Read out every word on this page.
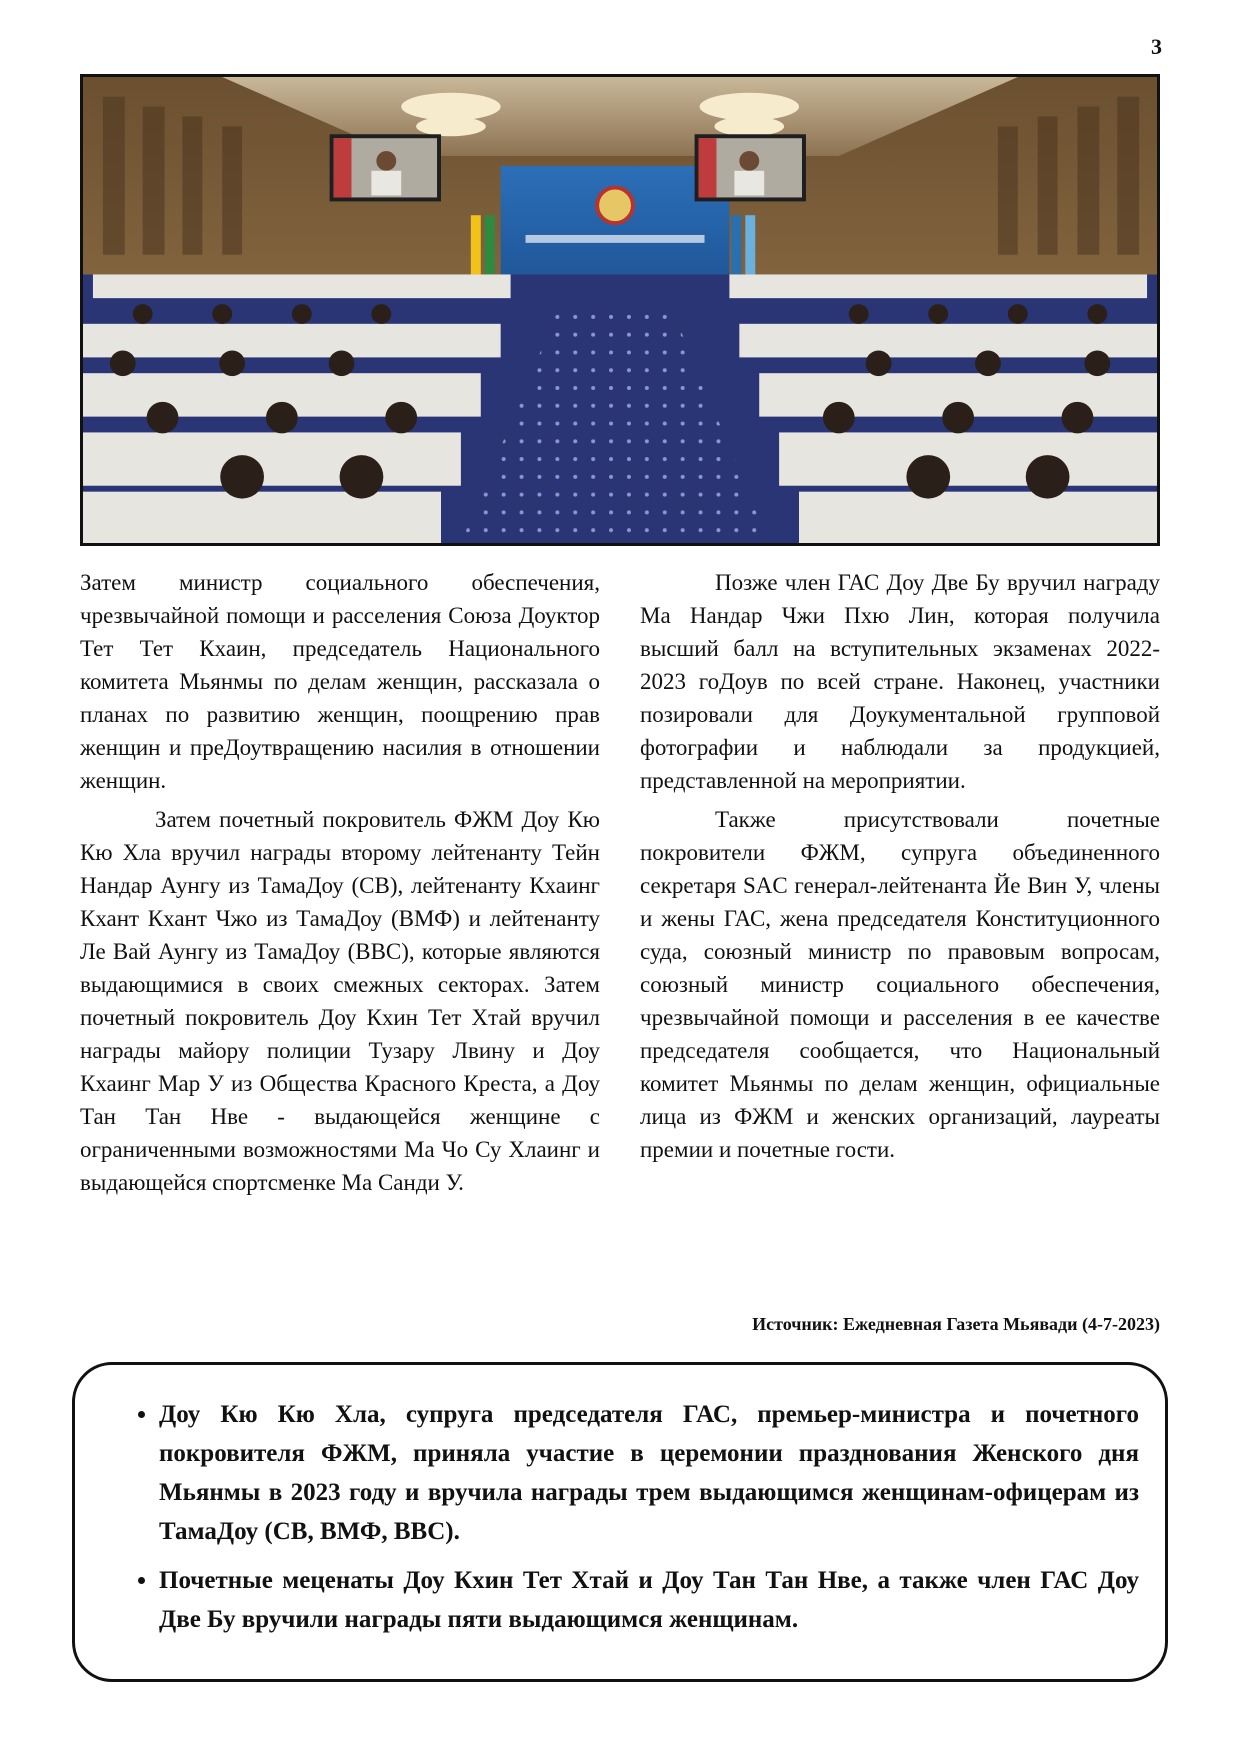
3

Затем министр социального обеспечения, чрезвычайной помощи и расселения Союза Доуктор Тет Тет Кхаин, председатель Национального комитета Мьянмы по делам женщин, рассказала о планах по развитию женщин, поощрению прав женщин и преДоутвращению насилия в отношении женщин.

Затем почетный покровитель ФЖМ Доу Кю Кю Хла вручил награды второму лейтенанту Тейн Нандар Аунгу из ТамаДоу (СВ), лейтенанту Кхаинг Кхант Кхант Чжо из ТамаДоу (ВМФ) и лейтенанту Ле Вай Аунгу из ТамаДоу (ВВС), которые являются выдающимися в своих смежных секторах. Затем почетный покровитель Доу Кхин Тет Хтай вручил награды майору полиции Тузару Лвину и Доу Кхаинг Мар У из Общества Красного Креста, а Доу Тан Тан Нве - выдающейся женщине с ограниченными возможностями Ма Чо Су Хлаинг и выдающейся спортсменке Ма Санди У.

Позже член ГАС Доу Две Бу вручил награду Ма Нандар Чжи Пхю Лин, которая получила высший балл на вступительных экзаменах 2022-2023 гоДоув по всей стране. Наконец, участники позировали для Доукументальной групповой фотографии и наблюдали за продукцией, представленной на мероприятии.

Также присутствовали почетные покровители ФЖМ, супруга объединенного секретаря SAC генерал-лейтенанта Йе Вин У, члены и жены ГАС, жена председателя Конституционного суда, союзный министр по правовым вопросам, союзный министр социального обеспечения, чрезвычайной помощи и расселения в ее качестве председателя сообщается, что Национальный комитет Мьянмы по делам женщин, официальные лица из ФЖМ и женских организаций, лауреаты премии и почетные гости.

Источник: Ежедневная Газета Мьявади (4-7-2023)
• Доу Кю Кю Хла, супруга председателя ГАС, премьер-министра и почетного покровителя ФЖМ, приняла участие в церемонии празднования Женского дня Мьянмы в 2023 году и вручила награды трем выдающимся женщинам-офицерам из ТамаДоу (СВ, ВМФ, ВВС).
• Почетные меценаты Доу Кхин Тет Хтай и Доу Тан Тан Нве, а также член ГАС Доу Две Бу вручили награды пяти выдающимся женщинам.
